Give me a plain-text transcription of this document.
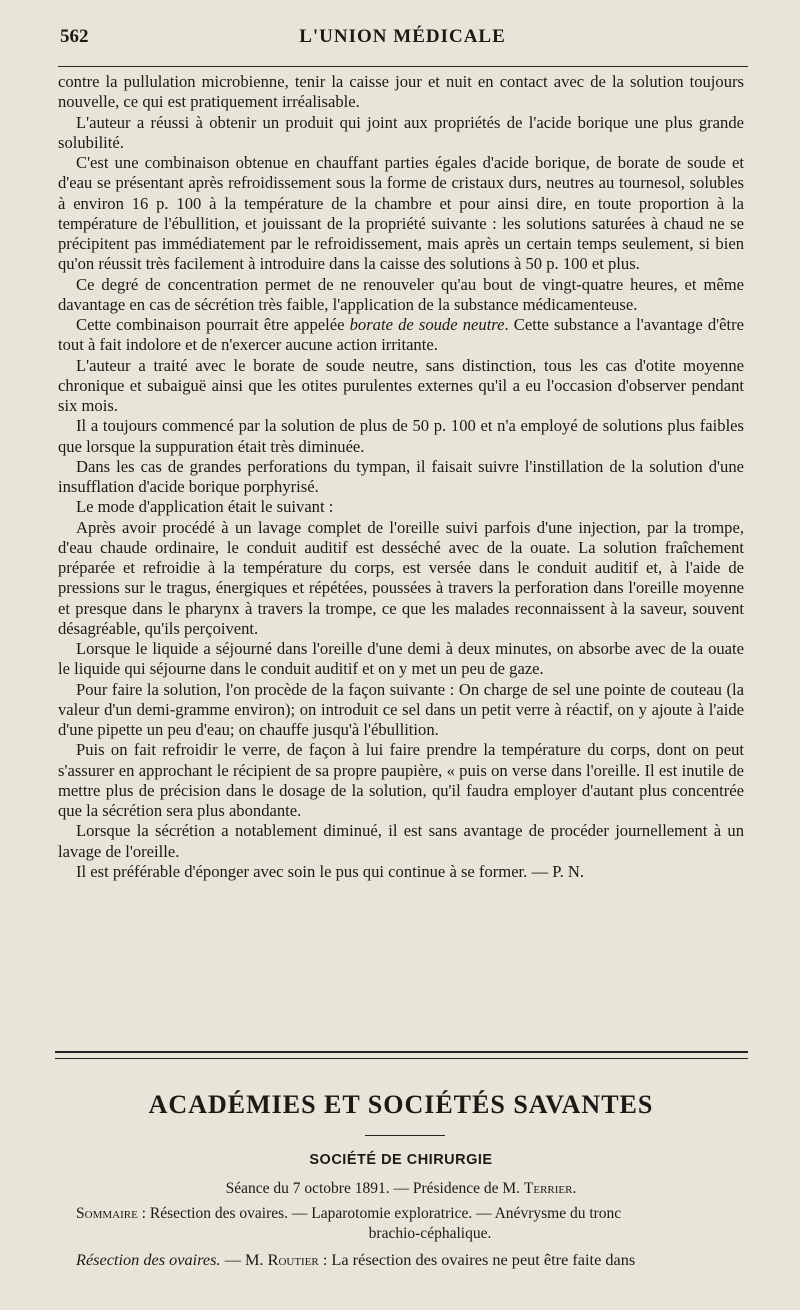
562	L'UNION MÉDICALE

contre la pullulation microbienne, tenir la caisse jour et nuit en contact avec de la solution toujours nouvelle, ce qui est pratiquement irréalisable.

L'auteur a réussi à obtenir un produit qui joint aux propriétés de l'acide borique une plus grande solubilité.

C'est une combinaison obtenue en chauffant parties égales d'acide borique, de borate de soude et d'eau se présentant après refroidissement sous la forme de cristaux durs, neutres au tournesol, solubles à environ 16 p. 100 à la température de la chambre et pour ainsi dire, en toute proportion à la température de l'ébullition, et jouissant de la propriété suivante : les solutions saturées à chaud ne se précipitent pas immédiatement par le refroidissement, mais après un certain temps seulement, si bien qu'on réussit très facilement à introduire dans la caisse des solutions à 50 p. 100 et plus.

Ce degré de concentration permet de ne renouveler qu'au bout de vingt-quatre heures, et même davantage en cas de sécrétion très faible, l'application de la substance médicamenteuse.

Cette combinaison pourrait être appelée borate de soude neutre. Cette substance a l'avantage d'être tout à fait indolore et de n'exercer aucune action irritante.

L'auteur a traité avec le borate de soude neutre, sans distinction, tous les cas d'otite moyenne chronique et subaiguë ainsi que les otites purulentes externes qu'il a eu l'occasion d'observer pendant six mois.

Il a toujours commencé par la solution de plus de 50 p. 100 et n'a employé de solutions plus faibles que lorsque la suppuration était très diminuée.

Dans les cas de grandes perforations du tympan, il faisait suivre l'instillation de la solution d'une insufflation d'acide borique porphyrisé.

Le mode d'application était le suivant :

Après avoir procédé à un lavage complet de l'oreille suivi parfois d'une injection, par la trompe, d'eau chaude ordinaire, le conduit auditif est desséché avec de la ouate. La solution fraîchement préparée et refroidie à la température du corps, est versée dans le conduit auditif et, à l'aide de pressions sur le tragus, énergiques et répétées, poussées à travers la perforation dans l'oreille moyenne et presque dans le pharynx à travers la trompe, ce que les malades reconnaissent à la saveur, souvent désagréable, qu'ils perçoivent.

Lorsque le liquide a séjourné dans l'oreille d'une demi à deux minutes, on absorbe avec de la ouate le liquide qui séjourne dans le conduit auditif et on y met un peu de gaze.

Pour faire la solution, l'on procède de la façon suivante : On charge de sel une pointe de couteau (la valeur d'un demi-gramme environ); on introduit ce sel dans un petit verre à réactif, on y ajoute à l'aide d'une pipette un peu d'eau; on chauffe jusqu'à l'ébullition.

Puis on fait refroidir le verre, de façon à lui faire prendre la température du corps, dont on peut s'assurer en approchant le récipient de sa propre paupière, « puis on verse dans l'oreille. Il est inutile de mettre plus de précision dans le dosage de la solution, qu'il faudra employer d'autant plus concentrée que la sécrétion sera plus abondante.

Lorsque la sécrétion a notablement diminué, il est sans avantage de procéder journellement à un lavage de l'oreille.

Il est préférable d'éponger avec soin le pus qui continue à se former. — P. N.

ACADÉMIES ET SOCIÉTÉS SAVANTES
SOCIÉTÉ DE CHIRURGIE
Séance du 7 octobre 1891. — Présidence de M. Terrier.
Sommaire : Résection des ovaires. — Laparotomie exploratrice. — Anévrysme du tronc
brachio-céphalique.
Résection des ovaires. — M. Routier : La résection des ovaires ne peut être faite dans
